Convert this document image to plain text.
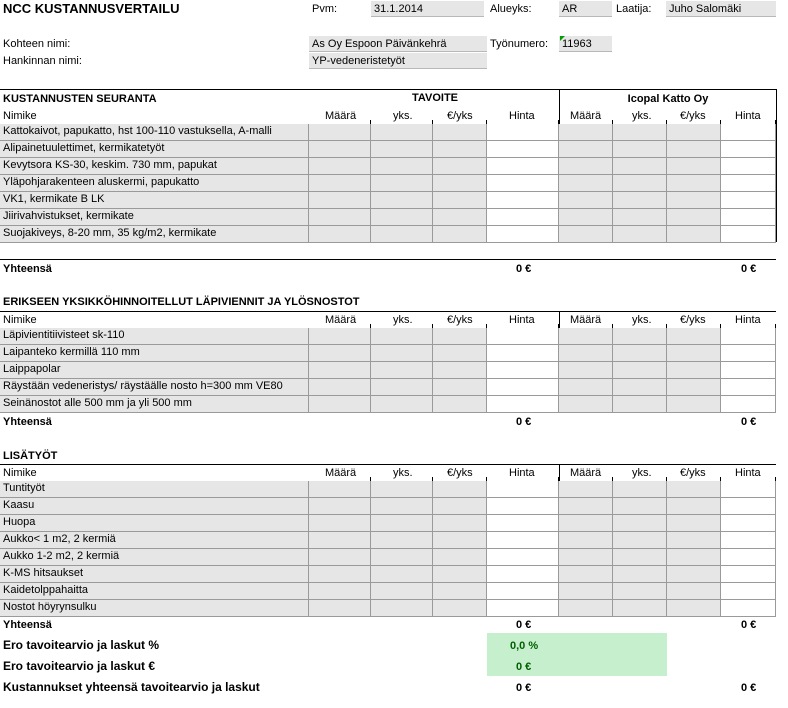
NCC KUSTANNUSVERTAILU	Pvm:	31.1.2014	Alueyks:	AR	Laatija: Juho Salomäki
Kohteen nimi:	As Oy Espoon Päivänkehrä	Työnumero: 11963
Hankinnan nimi:	YP-vedeneristetyöt
KUSTANNUSTEN SEURANTA	TAVOITE	Icopal Katto Oy
Nimike	Määrä	yks.	€/yks	Hinta	Määrä	yks.	€/yks	Hinta
Kattokaivot, papukatto, hst 100-110 vastuksella, A-malli
Alipainetuulettimet, kermikatetyöt
Kevytsora KS-30, keskim. 730 mm, papukat
Yläpohjarakenteen aluskermi, papukatto
VK1, kermikate B LK
Jiirivahvistukset, kermikate
Suojakiveys, 8-20 mm, 35 kg/m2, kermikate
Yhteensä	0 €	0 €
ERIKSEEN YKSIKKÖHINNOITELLUT LÄPIVIENNIT JA YLÖSNOSTOT
Nimike	Määrä	yks.	€/yks	Hinta	Määrä	yks.	€/yks	Hinta
Läpivientitiivisteet sk-110
Laipanteko kermillä 110 mm
Laippapolar
Räystään vedeneristys/ räystäälle nosto h=300 mm VE80
Seinänostot alle 500 mm ja yli 500 mm
Yhteensä	0 €	0 €
LISÄTYÖT
Nimike	Määrä	yks.	€/yks	Hinta	Määrä	yks.	€/yks	Hinta
Tuntityöt
Kaasu
Huopa
Aukko< 1 m2, 2 kermiä
Aukko 1-2 m2, 2 kermiä
K-MS hitsaukset
Kaidetolppahaitta
Nostot höyrynsulku
Yhteensä	0 €	0 €
Ero tavoitearvio ja laskut %	0,0 %
Ero tavoitearvio ja laskut €	0 €
Kustannukset yhteensä tavoitearvio ja laskut	0 €	0 €
